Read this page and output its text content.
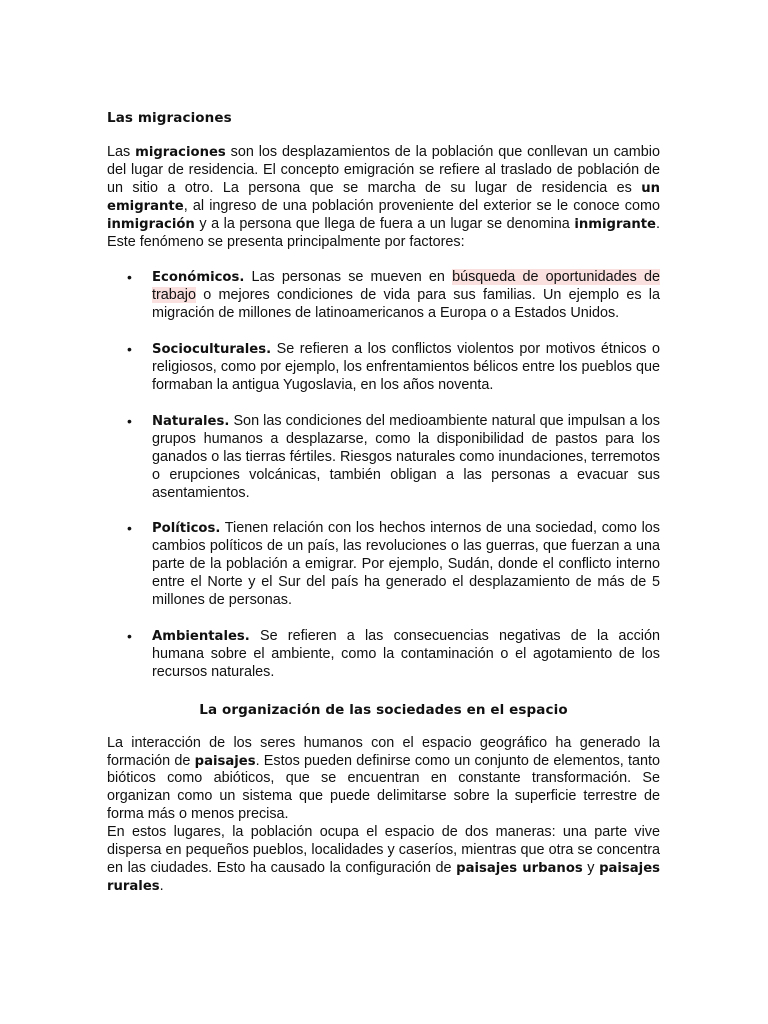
Las migraciones

Las migraciones son los desplazamientos de la población que conllevan un cambio del lugar de residencia. El concepto emigración se refiere al traslado de población de un sitio a otro. La persona que se marcha de su lugar de residencia es un emigrante, al ingreso de una población proveniente del exterior se le conoce como inmigración y a la persona que llega de fuera a un lugar se denomina inmigrante. Este fenómeno se presenta principalmente por factores:

• Económicos. Las personas se mueven en búsqueda de oportunidades de trabajo o mejores condiciones de vida para sus familias. Un ejemplo es la migración de millones de latinoamericanos a Europa o a Estados Unidos.
• Socioculturales. Se refieren a los conflictos violentos por motivos étnicos o religiosos, como por ejemplo, los enfrentamientos bélicos entre los pueblos que formaban la antigua Yugoslavia, en los años noventa.
• Naturales. Son las condiciones del medioambiente natural que impulsan a los grupos humanos a desplazarse, como la disponibilidad de pastos para los ganados o las tierras fértiles. Riesgos naturales como inundaciones, terremotos o erupciones volcánicas, también obligan a las personas a evacuar sus asentamientos.
• Políticos. Tienen relación con los hechos internos de una sociedad, como los cambios políticos de un país, las revoluciones o las guerras, que fuerzan a una parte de la población a emigrar. Por ejemplo, Sudán, donde el conflicto interno entre el Norte y el Sur del país ha generado el desplazamiento de más de 5 millones de personas.
• Ambientales. Se refieren a las consecuencias negativas de la acción humana sobre el ambiente, como la contaminación o el agotamiento de los recursos naturales.
La organización de las sociedades en el espacio

La interacción de los seres humanos con el espacio geográfico ha generado la formación de paisajes. Estos pueden definirse como un conjunto de elementos, tanto bióticos como abióticos, que se encuentran en constante transformación. Se organizan como un sistema que puede delimitarse sobre la superficie terrestre de forma más o menos precisa.

En estos lugares, la población ocupa el espacio de dos maneras: una parte vive dispersa en pequeños pueblos, localidades y caseríos, mientras que otra se concentra en las ciudades. Esto ha causado la configuración de paisajes urbanos y paisajes rurales.
